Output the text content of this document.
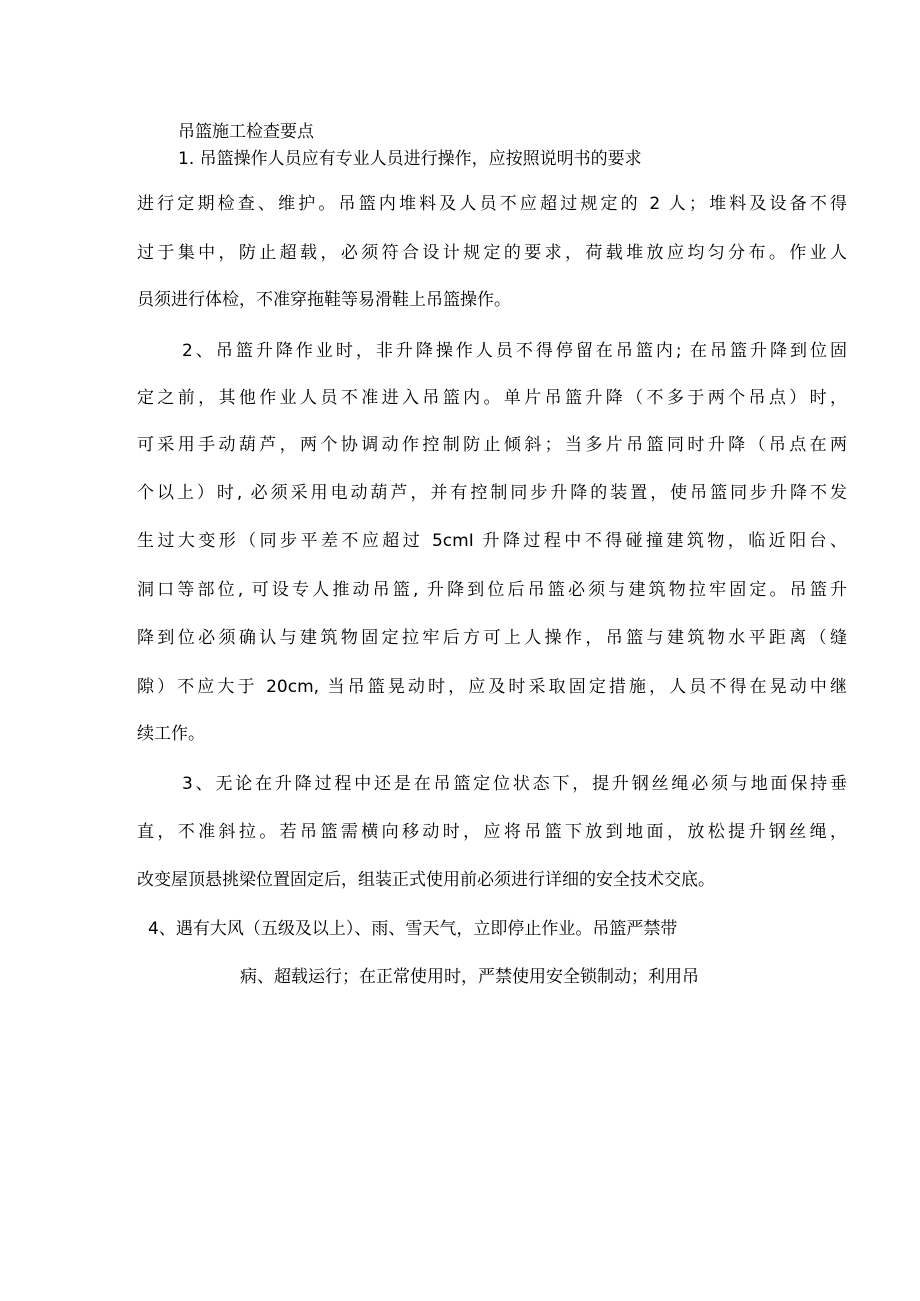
吊篮施工检查要点
1. 吊篮操作人员应有专业人员进行操作，应按照说明书的要求
进行定期检查、维护。吊篮内堆料及人员不应超过规定的 2 人；堆料及设备不得
过于集中，防止超载，必须符合设计规定的要求，荷载堆放应均匀分布。作业人
员须进行体检，不准穿拖鞋等易滑鞋上吊篮操作。
2、吊篮升降作业时，非升降操作人员不得停留在吊篮内; 在吊篮升降到位固
定之前，其他作业人员不准进入吊篮内。单片吊篮升降（不多于两个吊点）时，
可采用手动葫芦，两个协调动作控制防止倾斜；当多片吊篮同时升降（吊点在两
个以上）时, 必须采用电动葫芦，并有控制同步升降的装置，使吊篮同步升降不发
生过大变形（同步平差不应超过 5cmI 升降过程中不得碰撞建筑物，临近阳台、
洞口等部位, 可设专人推动吊篮, 升降到位后吊篮必须与建筑物拉牢固定。吊篮升
降到位必须确认与建筑物固定拉牢后方可上人操作，吊篮与建筑物水平距离（缝
隙）不应大于 20cm, 当吊篮晃动时，应及时采取固定措施，人员不得在晃动中继
续工作。
3、无论在升降过程中还是在吊篮定位状态下，提升钢丝绳必须与地面保持垂
直，不准斜拉。若吊篮需横向移动时，应将吊篮下放到地面，放松提升钢丝绳，
改变屋顶悬挑梁位置固定后，组装正式使用前必须进行详细的安全技术交底。
4、遇有大风（五级及以上）、雨、雪天气，立即停止作业。吊篮严禁带
病、超载运行；在正常使用时，严禁使用安全锁制动；利用吊
